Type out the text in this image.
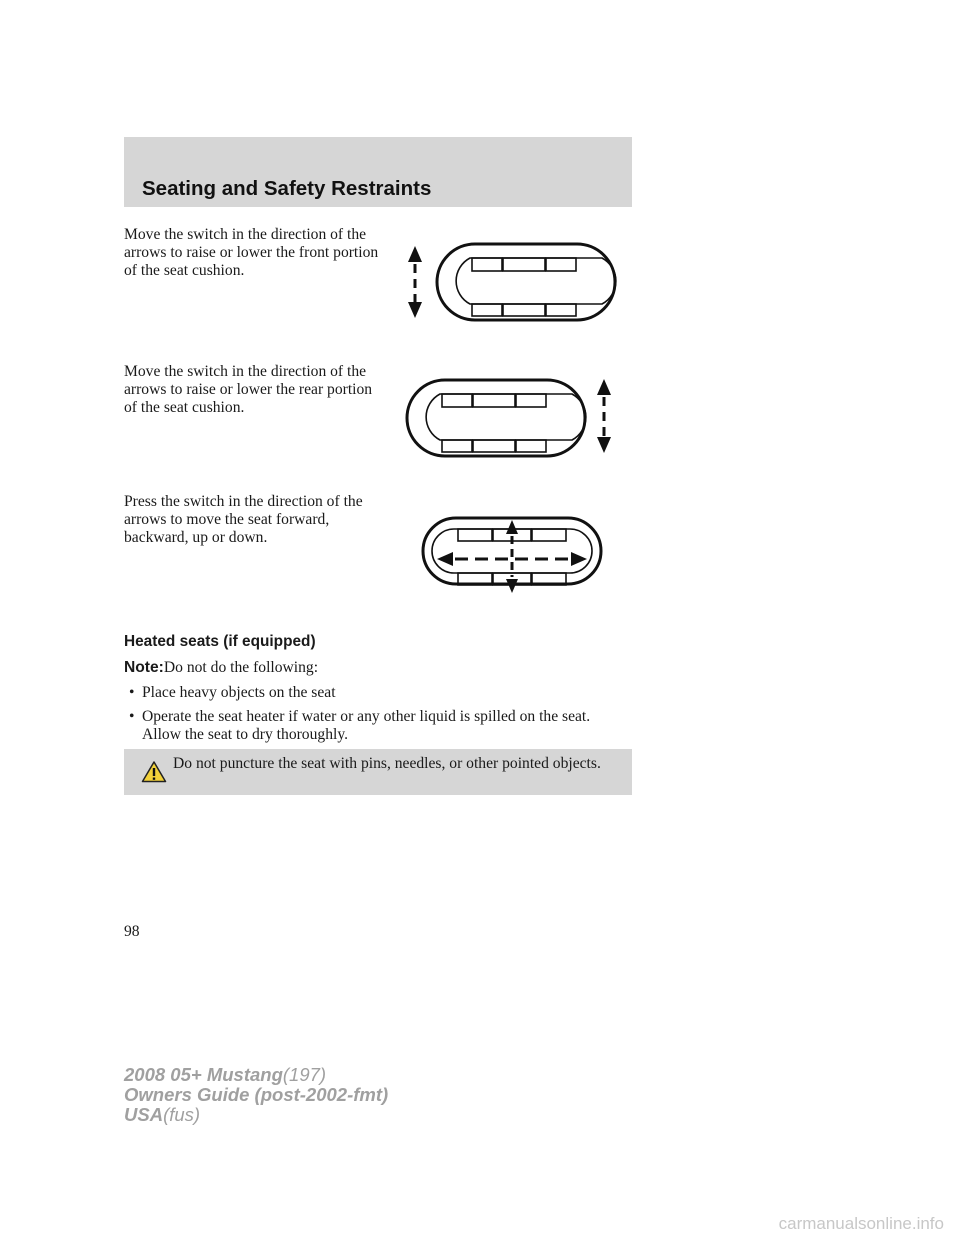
Seating and Safety Restraints

Move the switch in the direction of the arrows to raise or lower the front portion of the seat cushion.

Move the switch in the direction of the arrows to raise or lower the rear portion of the seat cushion.

Press the switch in the direction of the arrows to move the seat forward, backward, up or down.

Heated seats (if equipped)

Note:Do not do the following:

• Place heavy objects on the seat
• Operate the seat heater if water or any other liquid is spilled on the seat. Allow the seat to dry thoroughly.

Do not puncture the seat with pins, needles, or other pointed objects.

98

2008 05+ Mustang(197)
Owners Guide (post-2002-fmt)
USA(fus)

carmanualsonline.info
